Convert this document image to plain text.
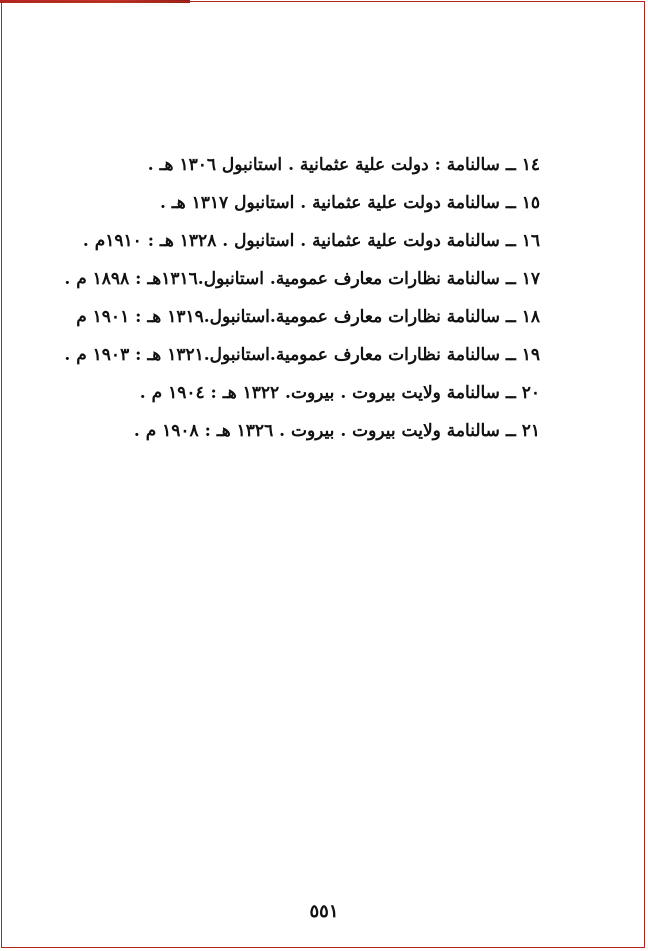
١٤ ــ سالنامة : دولت علية عثمانية . استانبول ١٣٠٦ هـ .
١٥ ــ سالنامة دولت علية عثمانية . استانبول ١٣١٧ هـ .
١٦ ــ سالنامة دولت علية عثمانية . استانبول . ١٣٢٨ هـ : ١٩١٠م .
١٧ ــ سالنامة نظارات معارف عمومية. استانبول.١٣١٦هـ : ١٨٩٨ م .
١٨ ــ سالنامة نظارات معارف عمومية.استانبول.١٣١٩ هـ : ١٩٠١ م
١٩ ــ سالنامة نظارات معارف عمومية.استانبول.١٣٢١ هـ : ١٩٠٣ م .
٢٠ ــ سالنامة ولايت بيروت . بيروت. ١٣٢٢ هـ : ١٩٠٤ م .
٢١ ــ سالنامة ولايت بيروت . بيروت . ١٣٢٦ هـ : ١٩٠٨ م .
٥٥١
